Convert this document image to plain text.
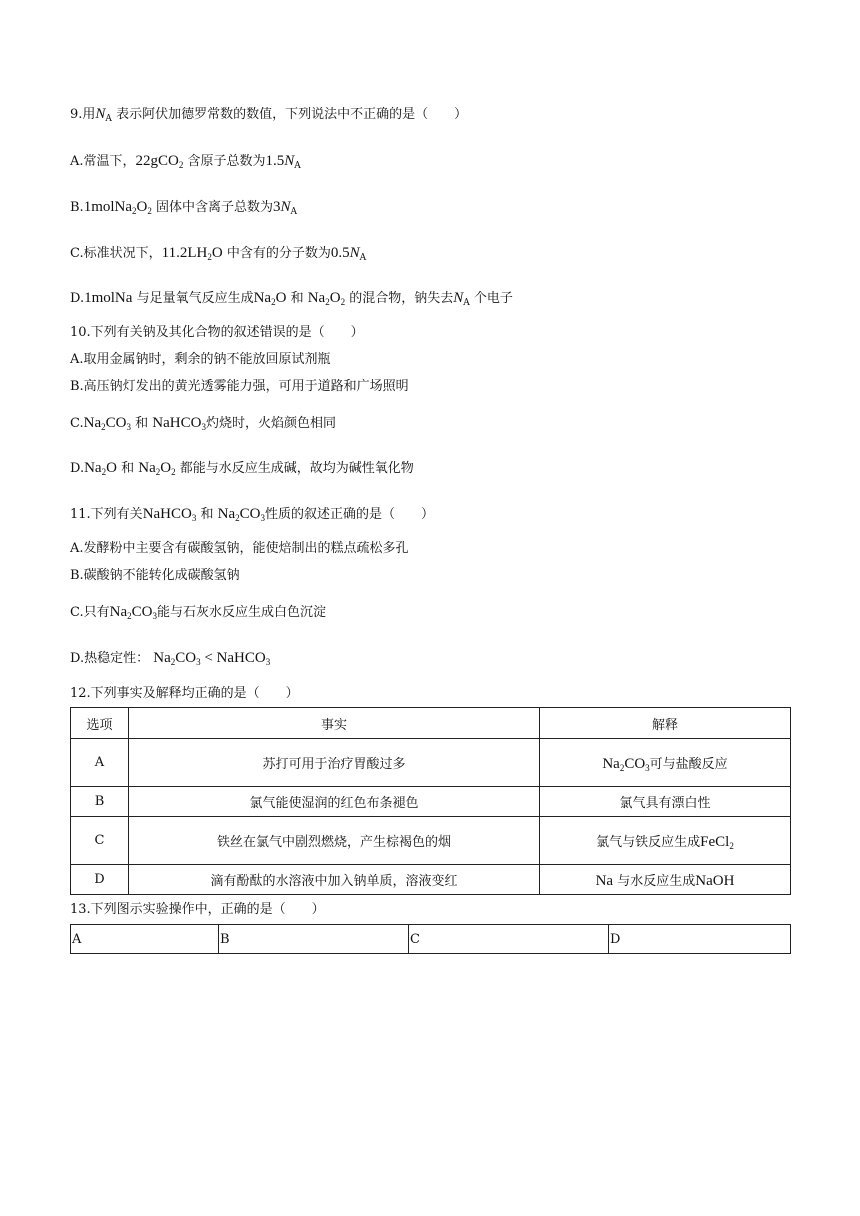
9.用$N_A$ 表示阿伏加德罗常数的数值，下列说法中不正确的是（　　）
A.常温下，22gCO$_2$ 含原子总数为$1.5N_A$
$B.1molNa_2O_2$ 固体中含离子总数为$3N_A$
C.标准状况下，$11.2LH_2O$ 中含有的分子数为$0.5N_A$
D.1molNa 与足量氧气反应生成$Na_2O$ 和 $Na_2O_2$ 的混合物，钠失去$N_A$ 个电子
10.下列有关钠及其化合物的叙述错误的是（　　）
A.取用金属钠时，剩余的钠不能放回原试剂瓶
B.高压钠灯发出的黄光透雾能力强，可用于道路和广场照明
$C.Na_2CO_3$ 和 NaHCO$_3$灼烧时，火焰颜色相同
$D.Na_2O$ 和 $Na_2O_2$ 都能与水反应生成碱，故均为碱性氧化物
11.下列有关NaHCO$_3$ 和 $Na_2CO_3$性质的叙述正确的是（　　）
A.发酵粉中主要含有碳酸氢钠，能使焙制出的糕点疏松多孔
B.碳酸钠不能转化成碳酸氢钠
C.只有$Na_2CO_3$能与石灰水反应生成白色沉淀
D.热稳定性： $Na_2CO_3$ < NaHCO$_3$
12.下列事实及解释均正确的是（　　）
选项	事实	解释
A	苏打可用于治疗胃酸过多	$Na_2CO_3$可与盐酸反应
B	氯气能使湿润的红色布条褪色	氯气具有漂白性
C	铁丝在氯气中剧烈燃烧，产生棕褐色的烟	氯气与铁反应生成FeCl$_2$
D	滴有酚酞的水溶液中加入钠单质，溶液变红	Na 与水反应生成NaOH
13.下列图示实验操作中，正确的是（　　）
A	B	C	D
